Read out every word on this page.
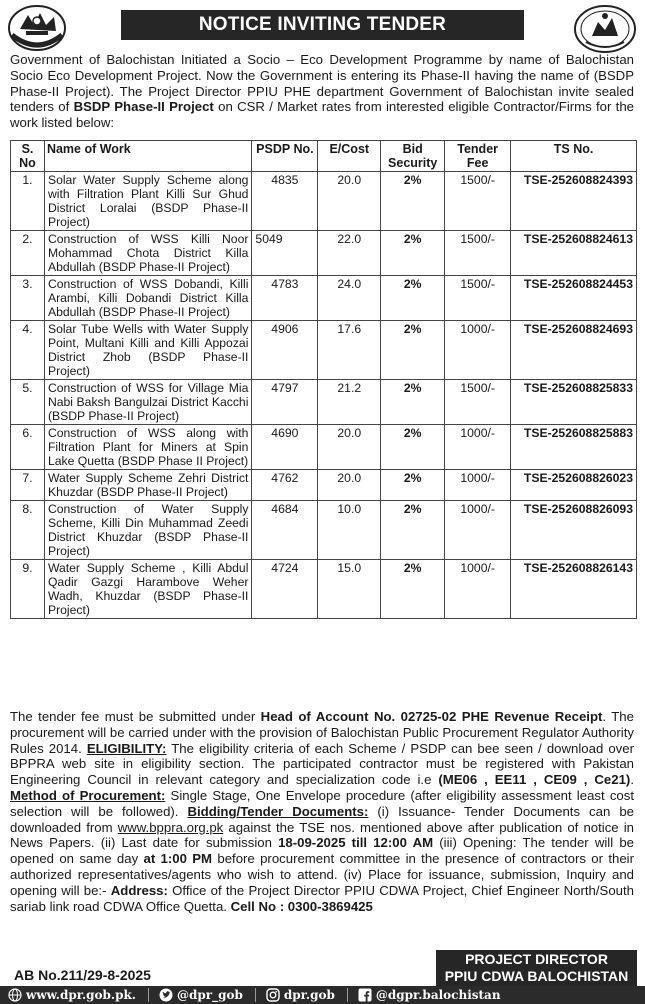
NOTICE INVITING TENDER
Government of Balochistan Initiated a Socio – Eco Development Programme by name of Balochistan Socio Eco Development Project. Now the Government is entering its Phase-II having the name of (BSDP Phase-II Project). The Project Director PPIU PHE department Government of Balochistan invite sealed tenders of BSDP Phase-II Project on CSR / Market rates from interested eligible Contractor/Firms for the work listed below:
S. No	Name of Work	PSDP No.	E/Cost	Bid Security	Tender Fee	TS No.
1.	Solar Water Supply Scheme along with Filtration Plant Killi Sur Ghud District Loralai (BSDP Phase-II Project)	4835	20.0	2%	1500/-	TSE-252608824393
2.	Construction of WSS Killi Noor Mohammad Chota District Killa Abdullah (BSDP Phase-II Project)	5049	22.0	2%	1500/-	TSE-252608824613
3.	Construction of WSS Dobandi, Killi Arambi, Killi Dobandi District Killa Abdullah (BSDP Phase-II Project)	4783	24.0	2%	1500/-	TSE-252608824453
4.	Solar Tube Wells with Water Supply Point, Multani Killi and Killi Appozai District Zhob (BSDP Phase-II Project)	4906	17.6	2%	1000/-	TSE-252608824693
5.	Construction of WSS for Village Mia Nabi Baksh Bangulzai District Kacchi (BSDP Phase-II Project)	4797	21.2	2%	1500/-	TSE-252608825833
6.	Construction of WSS along with Filtration Plant for Miners at Spin Lake Quetta (BSDP Phase II Project)	4690	20.0	2%	1000/-	TSE-252608825883
7.	Water Supply Scheme Zehri District Khuzdar (BSDP Phase-II Project)	4762	20.0	2%	1000/-	TSE-252608826023
8.	Construction of Water Supply Scheme, Killi Din Muhammad Zeedi District Khuzdar (BSDP Phase-II Project)	4684	10.0	2%	1000/-	TSE-252608826093
9.	Water Supply Scheme , Killi Abdul Qadir Gazgi Harambove Weher Wadh, Khuzdar (BSDP Phase-II Project)	4724	15.0	2%	1000/-	TSE-252608826143
The tender fee must be submitted under Head of Account No. 02725-02 PHE Revenue Receipt. The procurement will be carried under with the provision of Balochistan Public Procurement Regulator Authority Rules 2014. ELIGIBILITY: The eligibility criteria of each Scheme / PSDP can bee seen / download over BPPRA web site in eligibility section. The participated contractor must be registered with Pakistan Engineering Council in relevant category and specialization code i.e (ME06 , EE11 , CE09 , Ce21). Method of Procurement: Single Stage, One Envelope procedure (after eligibility assessment least cost selection will be followed). Bidding/Tender Documents: (i) Issuance- Tender Documents can be downloaded from www.bppra.org.pk against the TSE nos. mentioned above after publication of notice in News Papers. (ii) Last date for submission 18-09-2025 till 12:00 AM (iii) Opening: The tender will be opened on same day at 1:00 PM before procurement committee in the presence of contractors or their authorized representatives/agents who wish to attend. (iv) Place for issuance, submission, Inquiry and opening will be:- Address: Office of the Project Director PPIU CDWA Project, Chief Engineer North/South sariab link road CDWA Office Quetta. Cell No : 0300-3869425
AB No.211/29-8-2025
PROJECT DIRECTOR
PPIU CDWA BALOCHISTAN
www.dpr.gob.pk.	@dpr_gob	dpr.gob	@dgpr.balochistan
